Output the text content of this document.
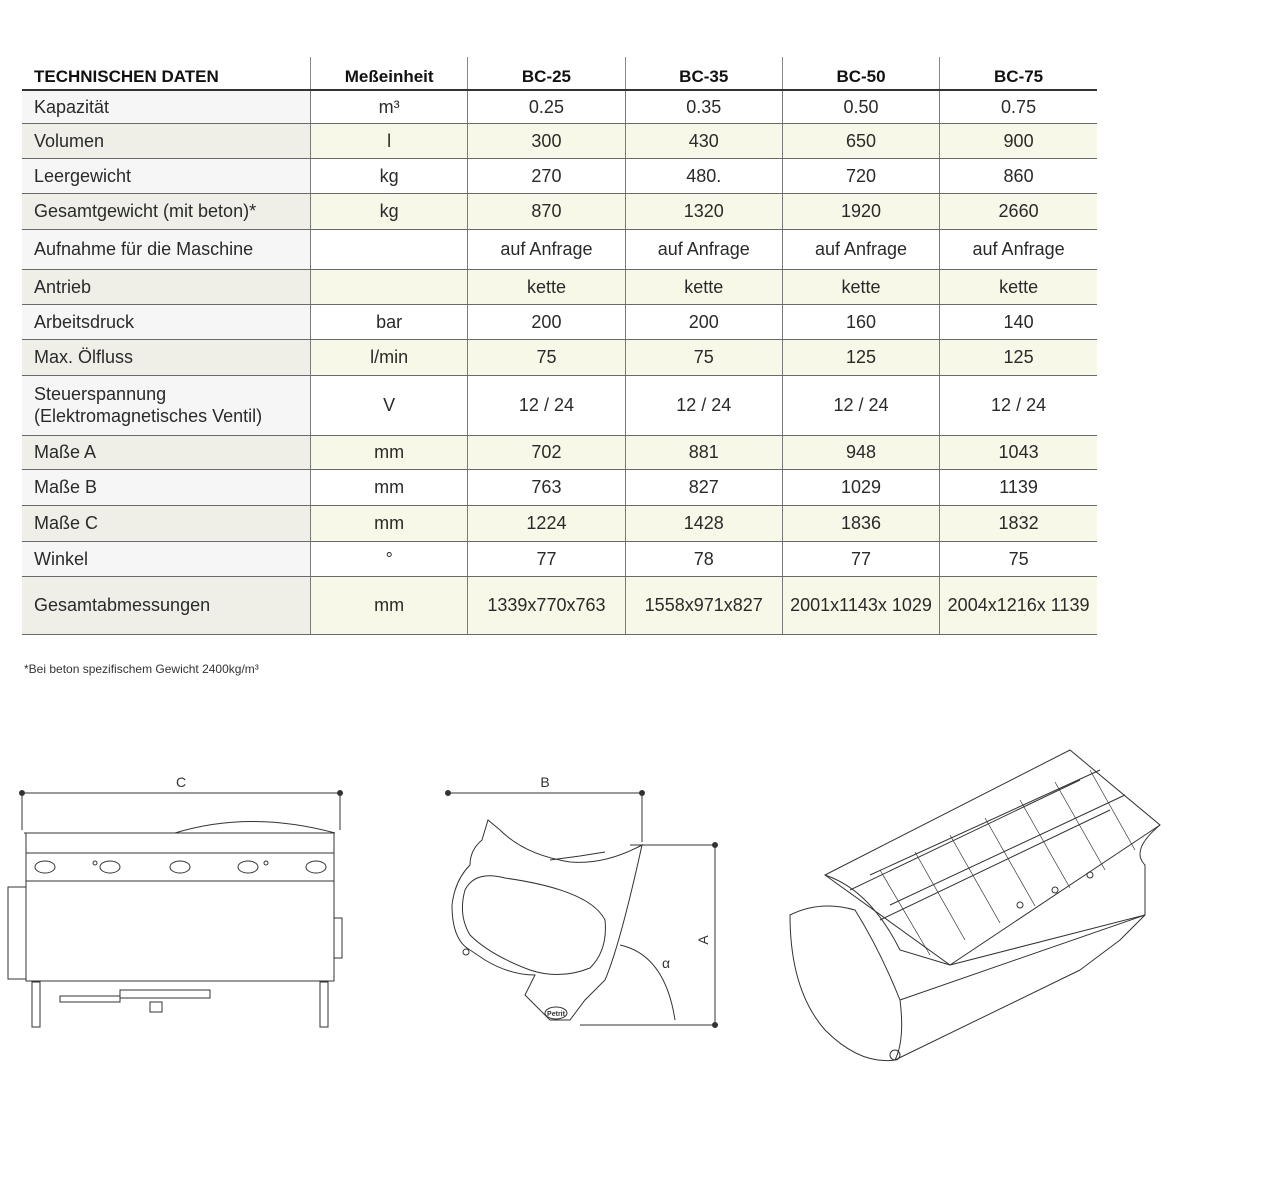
TECHNISCHEN DATEN	Meßeinheit	BC-25	BC-35	BC-50	BC-75
Kapazität	m³	0.25	0.35	0.50	0.75
Volumen	l	300	430	650	900
Leergewicht	kg	270	480.	720	860
Gesamtgewicht (mit beton)*	kg	870	1320	1920	2660
Aufnahme für die Maschine		auf Anfrage	auf Anfrage	auf Anfrage	auf Anfrage
Antrieb		kette	kette	kette	kette
Arbeitsdruck	bar	200	200	160	140
Max. Ölfluss	l/min	75	75	125	125
Steuerspannung
(Elektromagnetisches Ventil)	V	12 / 24	12 / 24	12 / 24	12 / 24
Maße A	mm	702	881	948	1043
Maße B	mm	763	827	1029	1139
Maße C	mm	1224	1428	1836	1832
Winkel	°	77	78	77	75
Gesamtabmessungen	mm	1339x770x763	1558x971x827	2001x1143x 1029	2004x1216x 1139
*Bei beton spezifischem Gewicht 2400kg/m³
C	B
A
α
Petrit
